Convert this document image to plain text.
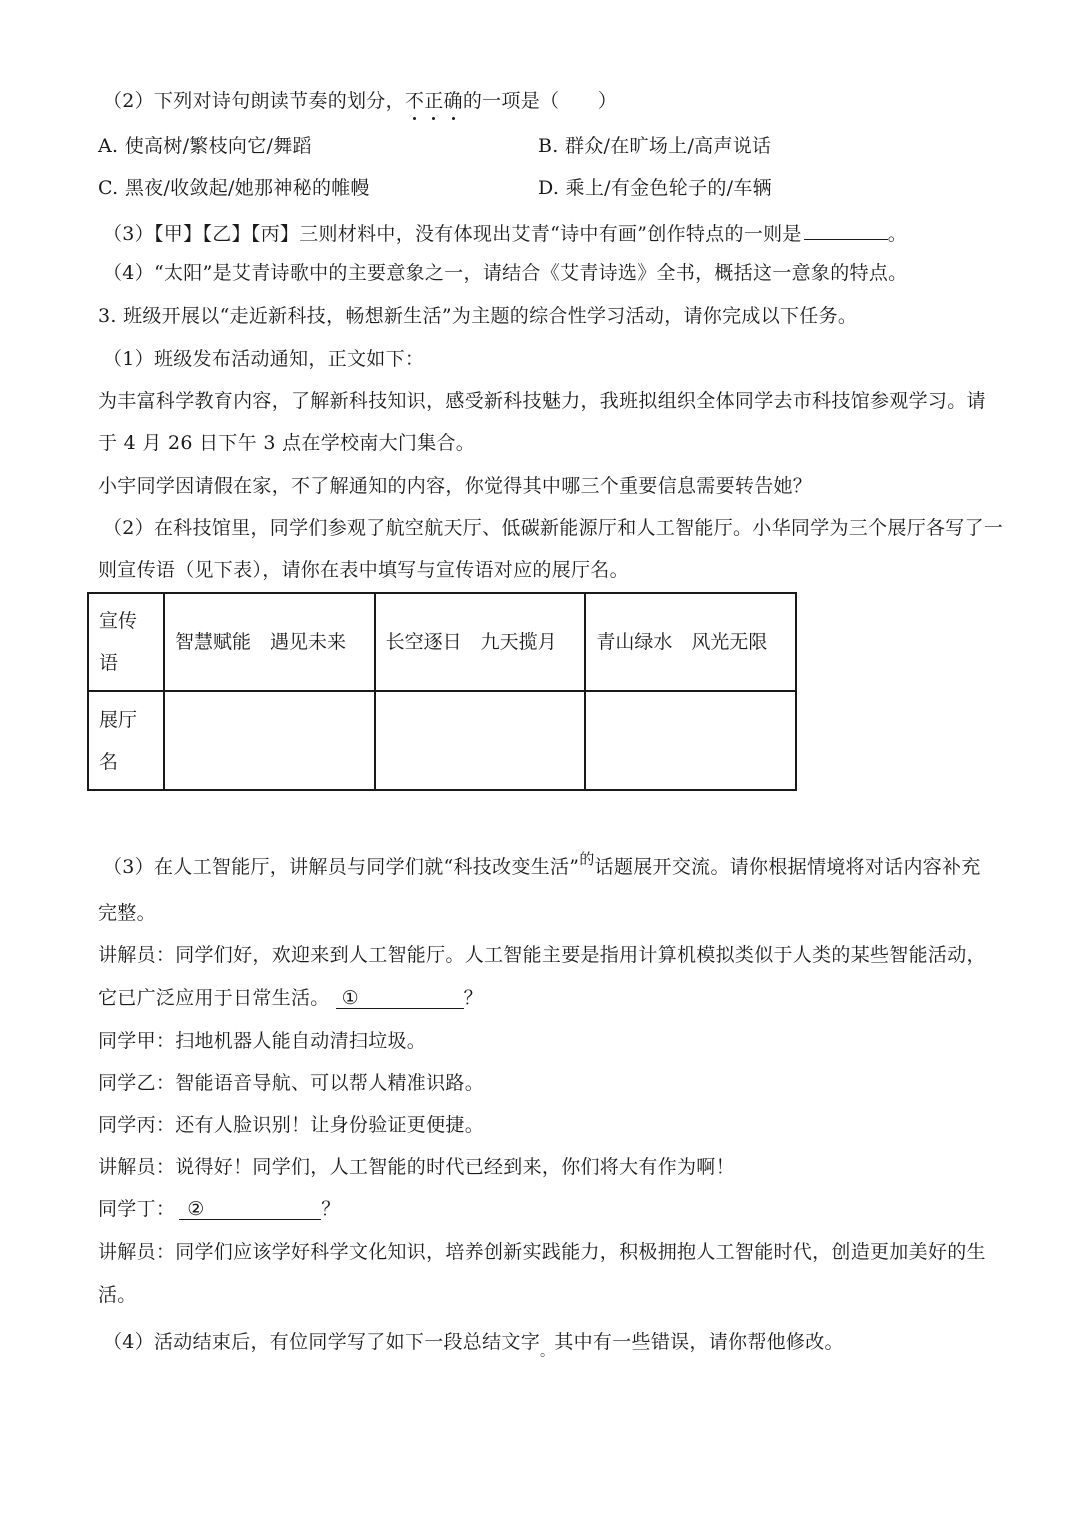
（2）下列对诗句朗读节奏的划分，不正确的一项是（　　）
A. 使高树/繁枝向它/舞蹈	B. 群众/在旷场上/高声说话
C. 黑夜/收敛起/她那神秘的帷幔	D. 乘上/有金色轮子的/车辆
（3）【甲】【乙】【丙】三则材料中，没有体现出艾青“诗中有画”创作特点的一则是	。
（4）“太阳”是艾青诗歌中的主要意象之一，请结合《艾青诗选》全书，概括这一意象的特点。
3. 班级开展以“走近新科技，畅想新生活”为主题的综合性学习活动，请你完成以下任务。
（1）班级发布活动通知，正文如下：
为丰富科学教育内容，了解新科技知识，感受新科技魅力，我班拟组织全体同学去市科技馆参观学习。请
于 4 月 26 日下午 3 点在学校南大门集合。
小宇同学因请假在家，不了解通知的内容，你觉得其中哪三个重要信息需要转告她？
（2）在科技馆里，同学们参观了航空航天厅、低碳新能源厅和人工智能厅。小华同学为三个展厅各写了一
则宣传语（见下表），请你在表中填写与宣传语对应的展厅名。
宣传语	智慧赋能　遇见未来	长空逐日　九天揽月	青山绿水　风光无限
展厅名			
（3）在人工智能厅，讲解员与同学们就“科技改变生活”$^的$话题展开交流。请你根据情境将对话内容补充
完整。
讲解员：同学们好，欢迎来到人工智能厅。人工智能主要是指用计算机模拟类似于人类的某些智能活动，
它已广泛应用于日常生活。 ①	？
同学甲：扫地机器人能自动清扫垃圾。
同学乙：智能语音导航、可以帮人精准识路。
同学丙：还有人脸识别！让身份验证更便捷。
讲解员：说得好！同学们，人工智能的时代已经到来，你们将大有作为啊！
同学丁： ②	？
讲解员：同学们应该学好科学文化知识，培养创新实践能力，积极拥抱人工智能时代，创造更加美好的生
活。
（4）活动结束后，有位同学写了如下一段总结文字$_。$其中有一些错误，请你帮他修改。
